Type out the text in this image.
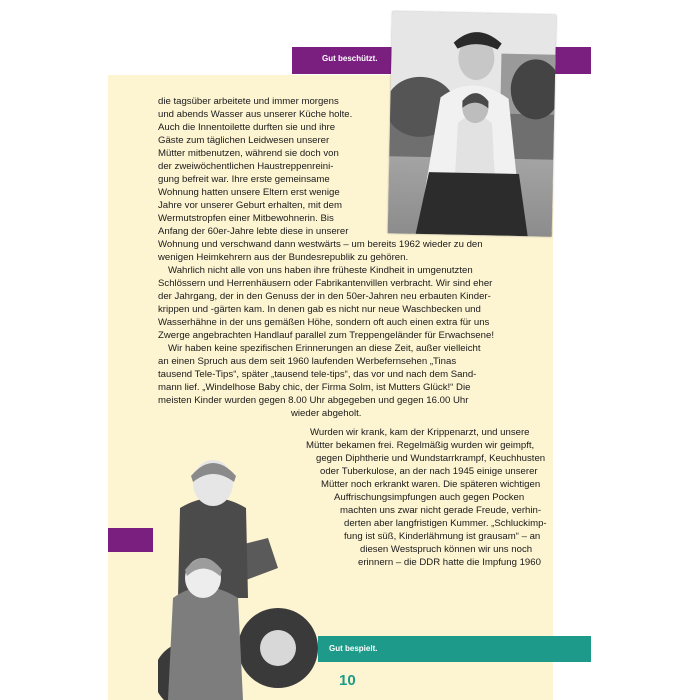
Gut beschützt.
Gut bespielt.
10
die tagsüber arbeitete und immer morgens
und abends Wasser aus unserer Küche holte.
Auch die Innentoilette durften sie und ihre
Gäste zum täglichen Leidwesen unserer
Mütter mitbenutzen, während sie doch von
der zweiwöchentlichen Haustreppenreini-
gung befreit war. Ihre erste gemeinsame
Wohnung hatten unsere Eltern erst wenige
Jahre vor unserer Geburt erhalten, mit dem
Wermutstropfen einer Mitbewohnerin. Bis
Anfang der 60er-Jahre lebte diese in unserer
Wohnung und verschwand dann westwärts – um bereits 1962 wieder zu den
wenigen Heimkehrern aus der Bundesrepublik zu gehören.
Wahrlich nicht alle von uns haben ihre früheste Kindheit in umgenutzten
Schlössern und Herrenhäusern oder Fabrikantenvillen verbracht. Wir sind eher
der Jahrgang, der in den Genuss der in den 50er-Jahren neu erbauten Kinder-
krippen und -gärten kam. In denen gab es nicht nur neue Waschbecken und
Wasserhähne in der uns gemäßen Höhe, sondern oft auch einen extra für uns
Zwerge angebrachten Handlauf parallel zum Treppengeländer für Erwachsene!
Wir haben keine spezifischen Erinnerungen an diese Zeit, außer vielleicht
an einen Spruch aus dem seit 1960 laufenden Werbefernsehen „Tinas
tausend Tele-Tips“, später „tausend tele-tips“, das vor und nach dem Sand-
mann lief. „Windelhose Baby chic, der Firma Solm, ist Mutters Glück!“ Die
meisten Kinder wurden gegen 8.00 Uhr abgegeben und gegen 16.00 Uhr
wieder abgeholt.
Wurden wir krank, kam der Krippenarzt, und unsere
Mütter bekamen frei. Regelmäßig wurden wir geimpft,
gegen Diphtherie und Wundstarrkrampf, Keuchhusten
oder Tuberkulose, an der nach 1945 einige unserer
Mütter noch erkrankt waren. Die späteren wichtigen
Auffrischungsimpfungen auch gegen Pocken
machten uns zwar nicht gerade Freude, verhin-
derten aber langfristigen Kummer. „Schluckimp-
fung ist süß, Kinderlähmung ist grausam“ – an
diesen Westspruch können wir uns noch
erinnern – die DDR hatte die Impfung 1960
